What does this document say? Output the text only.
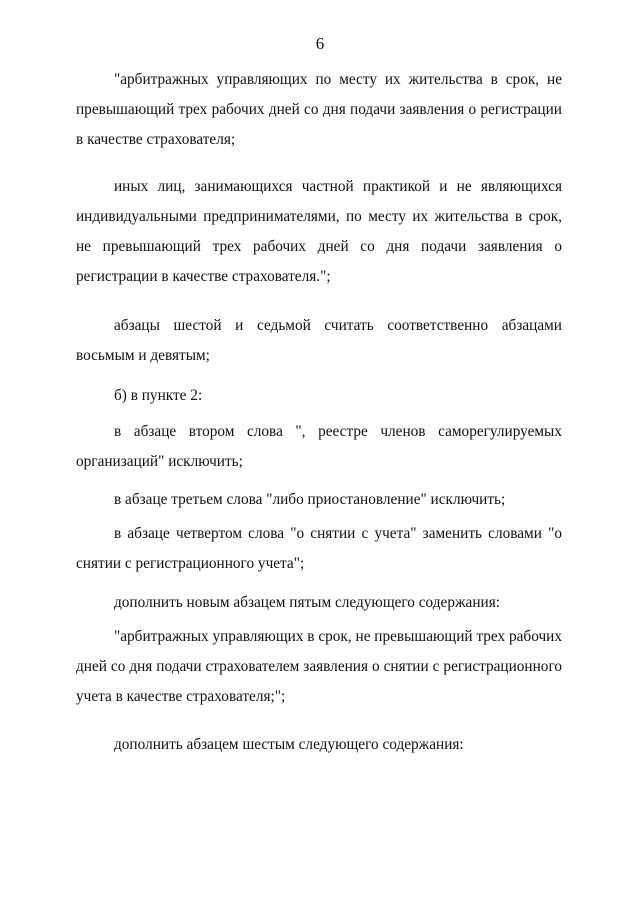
6

"арбитражных управляющих по месту их жительства в срок, не превышающий трех рабочих дней со дня подачи заявления о регистрации в качестве страхователя;

иных лиц, занимающихся частной практикой и не являющихся индивидуальными предпринимателями, по месту их жительства в срок, не превышающий трех рабочих дней со дня подачи заявления о регистрации в качестве страхователя.";

абзацы шестой и седьмой считать соответственно абзацами восьмым и девятым;

б) в пункте 2:

в абзаце втором слова ", реестре членов саморегулируемых организаций" исключить;

в абзаце третьем слова "либо приостановление" исключить;

в абзаце четвертом слова "о снятии с учета" заменить словами "о снятии с регистрационного учета";

дополнить новым абзацем пятым следующего содержания:

"арбитражных управляющих в срок, не превышающий трех рабочих дней со дня подачи страхователем заявления о снятии с регистрационного учета в качестве страхователя;";

дополнить абзацем шестым следующего содержания:
